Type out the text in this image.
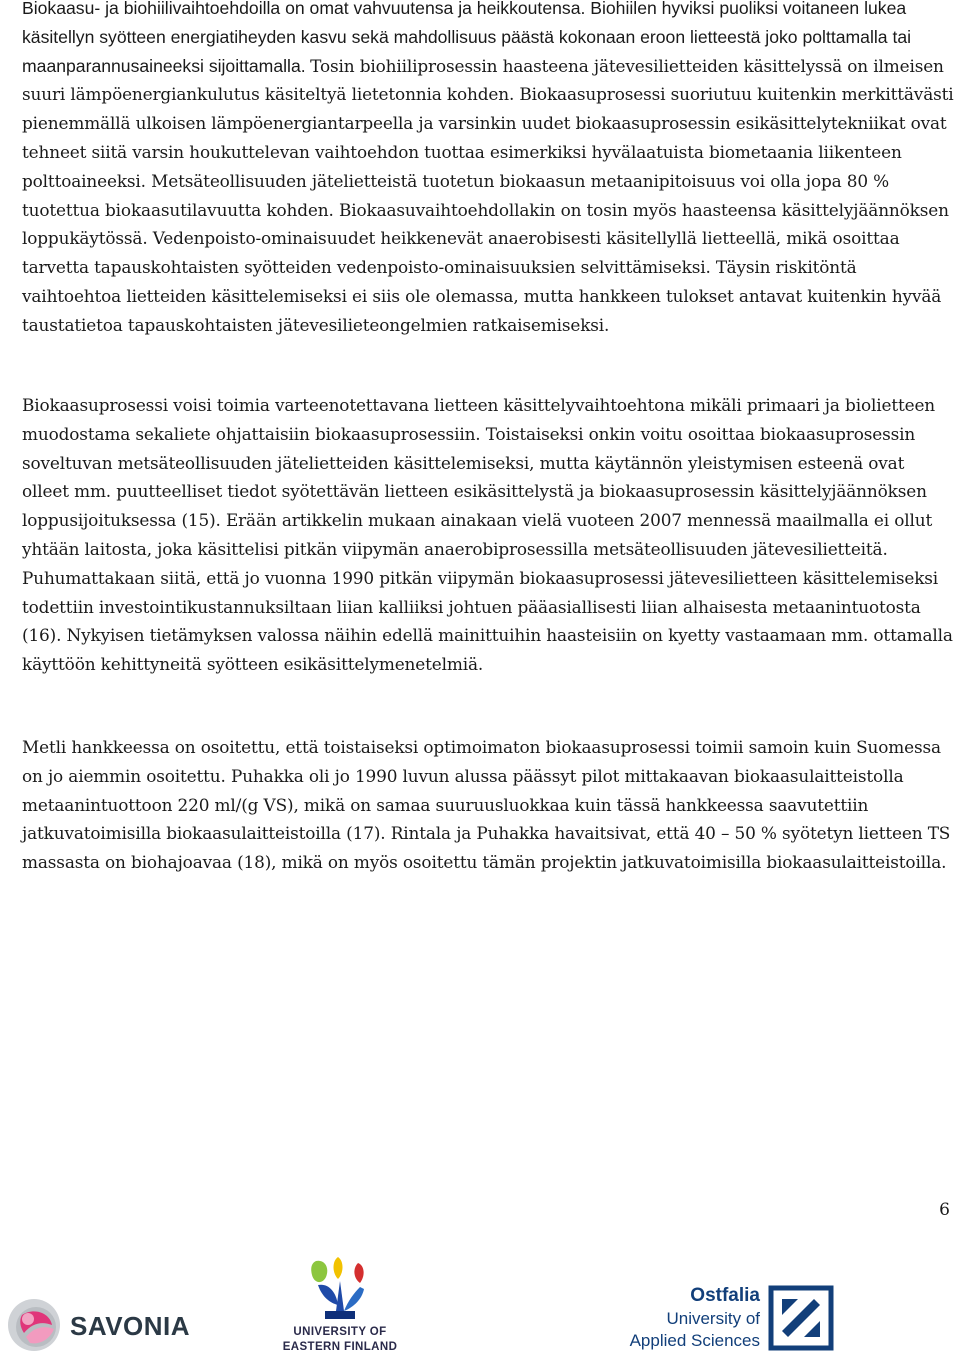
Biokaasu- ja biohiilivaihtoehdoilla on omat vahvuutensa ja heikkoutensa. Biohiilen hyviksi puoliksi voitaneen lukea käsitellyn syötteen energiatiheyden kasvu sekä mahdollisuus päästä kokonaan eroon lietteestä joko polttamalla tai maanparannusaineeksi sijoittamalla. Tosin biohiiliprosessin haasteena jätevesilietteiden käsittelyssä on ilmeisen suuri lämpöenergiankulutus käsiteltyä lietetonnia kohden. Biokaasuprosessi suoriutuu kuitenkin merkittävästi pienemmällä ulkoisen lämpöenergiantarpeella ja varsinkin uudet biokaasuprosessin esikäsittelytekniikat ovat tehneet siitä varsin houkuttelevan vaihtoehdon tuottaa esimerkiksi hyvälaatuista biometaania liikenteen polttoaineeksi. Metsäteollisuuden jätelietteistä tuotetun biokaasun metaanipitoisuus voi olla jopa 80 % tuotettua biokaasutilavuutta kohden. Biokaasuvaihtoehdollakin on tosin myös haasteensa käsittelyjäännöksen loppukäytössä. Vedenpoisto-ominaisuudet heikkenevät anaerobisesti käsitellyllä lietteellä, mikä osoittaa tarvetta tapauskohtaisten syötteiden vedenpoisto-ominaisuuksien selvittämiseksi. Täysin riskitöntä vaihtoehtoa lietteiden käsittelemiseksi ei siis ole olemassa, mutta hankkeen tulokset antavat kuitenkin hyvää taustatietoa tapauskohtaisten jätevesilieteongelmien ratkaisemiseksi.

Biokaasuprosessi voisi toimia varteenotettavana lietteen käsittelyvaihtoehtona mikäli primaari ja biolietteen muodostama sekaliete ohjattaisiin biokaasuprosessiin. Toistaiseksi onkin voitu osoittaa biokaasuprosessin soveltuvan metsäteollisuuden jätelietteiden käsittelemiseksi, mutta käytännön yleistymisen esteenä ovat olleet mm. puutteelliset tiedot syötettävän lietteen esikäsittelystä ja biokaasuprosessin käsittelyjäännöksen loppusijoituksessa (15). Erään artikkelin mukaan ainakaan vielä vuoteen 2007 mennessä maailmalla ei ollut yhtään laitosta, joka käsittelisi pitkän viipymän anaerobiprosessilla metsäteollisuuden jätevesilietteitä. Puhumattakaan siitä, että jo vuonna 1990 pitkän viipymän biokaasuprosessi jätevesilietteen käsittelemiseksi todettiin investointikustannuksiltaan liian kalliiksi johtuen pääasiallisesti liian alhaisesta metaanintuotosta (16). Nykyisen tietämyksen valossa näihin edellä mainittuihin haasteisiin on kyetty vastaamaan mm. ottamalla käyttöön kehittyneitä syötteen esikäsittelymenetelmiä.

Metli hankkeessa on osoitettu, että toistaiseksi optimoimaton biokaasuprosessi toimii samoin kuin Suomessa on jo aiemmin osoitettu. Puhakka oli jo 1990 luvun alussa päässyt pilot mittakaavan biokaasulaitteistolla metaanintuottoon 220 ml/(g VS), mikä on samaa suuruusluokkaa kuin tässä hankkeessa saavutettiin jatkuvatoimisilla biokaasulaitteistoilla (17). Rintala ja Puhakka havaitsivat, että 40 – 50 % syötetyn lietteen TS massasta on biohajoavaa (18), mikä on myös osoitettu tämän projektin jatkuvatoimisilla biokaasulaitteistoilla.

6
SAVONIA	UNIVERSITY OF
EASTERN FINLAND
Ostfalia
University of
Applied Sciences
